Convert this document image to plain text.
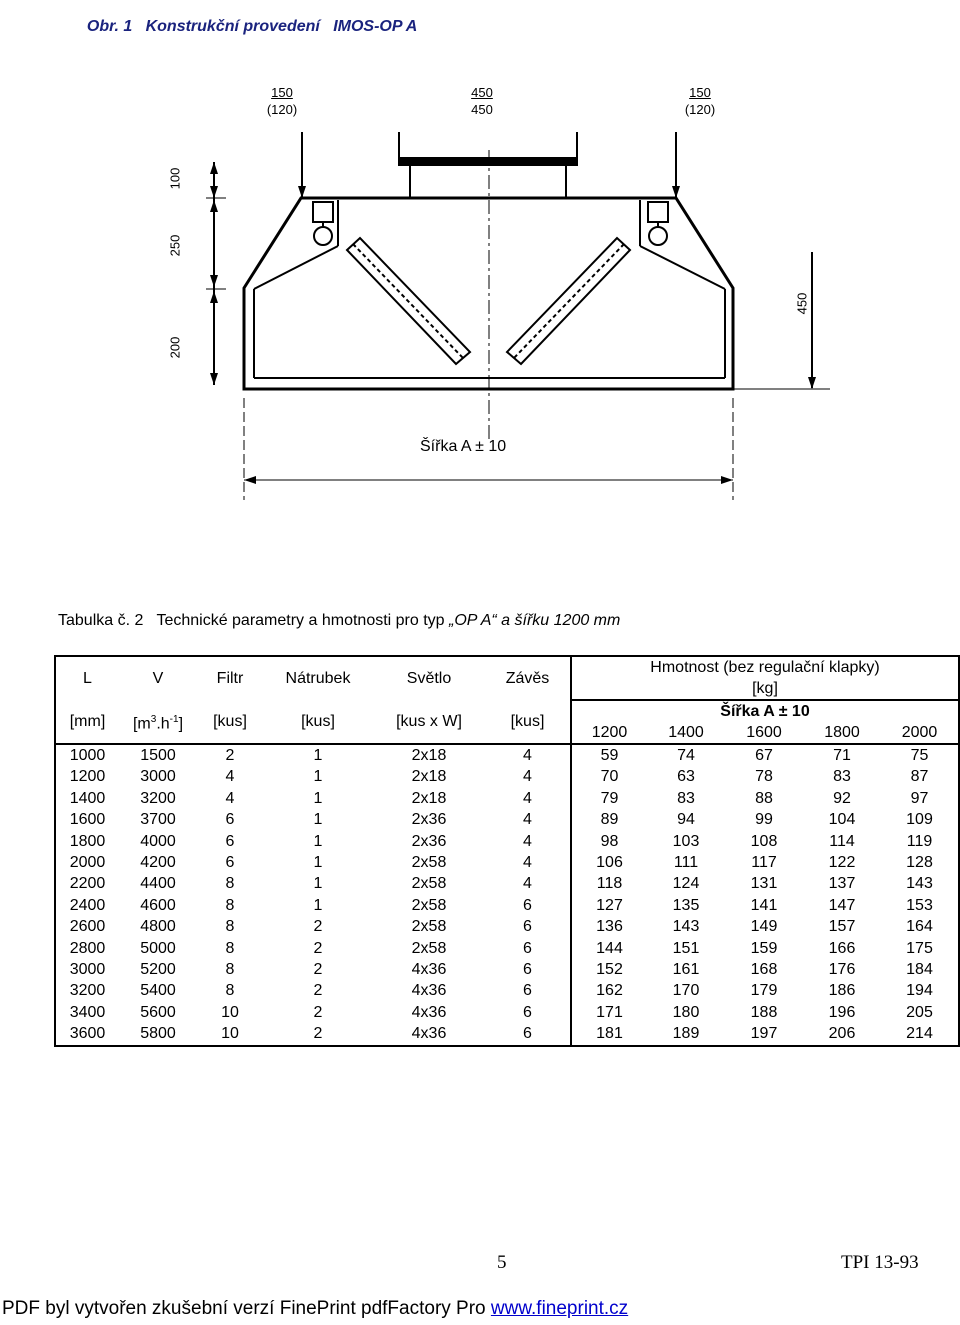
Obr. 1 Konstrukční provedení IMOS-OP A

150
(120)
450
450
150
(120)
100
250
200
450
Šířka A ± 10
Tabulka č. 2 Technické parametry a hmotnosti pro typ „OP A“ a šířku 1200 mm
L	V	Filtr	Nátrubek	Světlo	Závěs	Hmotnost (bez regulační klapky)				
						[kg]				
[mm]	$[m^3.h^{-1}]$	[kus]	[kus]	[kus x W]	[kus]	Šířka A ± 10				
						1200	1400	1600	1800	2000
1000	1500	2	1	2x18	4	59	74	67	71	75
1200	3000	4	1	2x18	4	70	63	78	83	87
1400	3200	4	1	2x18	4	79	83	88	92	97
1600	3700	6	1	2x36	4	89	94	99	104	109
1800	4000	6	1	2x36	4	98	103	108	114	119
2000	4200	6	1	2x58	4	106	111	117	122	128
2200	4400	8	1	2x58	4	118	124	131	137	143
2400	4600	8	1	2x58	6	127	135	141	147	153
2600	4800	8	2	2x58	6	136	143	149	157	164
2800	5000	8	2	2x58	6	144	151	159	166	175
3000	5200	8	2	4x36	6	152	161	168	176	184
3200	5400	8	2	4x36	6	162	170	179	186	194
3400	5600	10	2	4x36	6	171	180	188	196	205
3600	5800	10	2	4x36	6	181	189	197	206	214
5	TPI 13-93
PDF byl vytvořen zkušební verzí FinePrint pdfFactory Pro www.fineprint.cz
